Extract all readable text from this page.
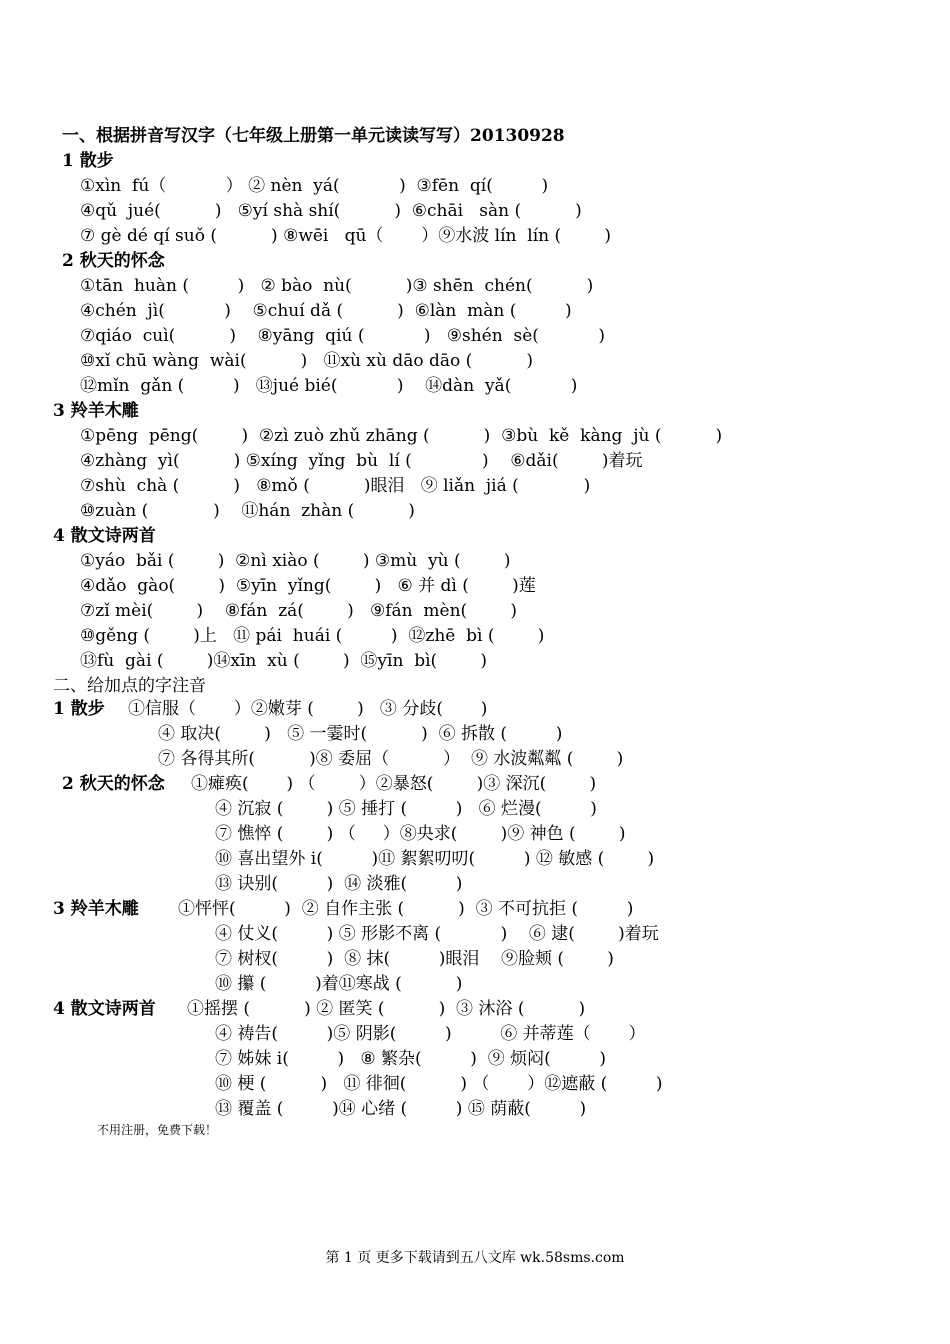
一、根据拼音写汉字（七年级上册第一单元读读写写）20130928
1 散步
①xìn  fú（           ） ② nèn  yá(           )  ③fēn  qí(         )
④qǔ  jué(          )   ⑤yí shà shí(          )  ⑥chāi   sàn (          )
⑦ gè dé qí suǒ (          ) ⑧wēi   qū（       ）⑨水波 lín  lín (        )
2 秋天的怀念
①tān  huàn (         )   ② bào  nù(          )③ shēn  chén(          )
④chén  jì(           )    ⑤chuí dǎ (          )  ⑥làn  màn (         )
⑦qiáo  cuì(          )    ⑧yāng  qiú (           )   ⑨shén  sè(           )
⑩xǐ chū wàng  wài(          )   ⑪xù xù dāo dāo (          )
⑫mǐn  gǎn (         )   ⑬jué bié(           )    ⑭dàn  yǎ(           )
3 羚羊木雕
①pēng  pēng(        )  ②zì zuò zhǔ zhāng (          )  ③bù  kě  kàng  jù (          )
④zhàng  yì(          ) ⑤xíng  yǐng  bù  lí (             )    ⑥dǎi(        )着玩
⑦shù  chà (          )   ⑧mǒ (          )眼泪   ⑨ liǎn  jiá (            )
⑩zuàn (            )    ⑪hán  zhàn (          )
4 散文诗两首
①yáo  bǎi (        )  ②nì xiào (        ) ③mù  yù (        )
④dǎo  gào(        )  ⑤yīn  yǐng(        )   ⑥ 并 dì (        )莲
⑦zǐ mèi(        )    ⑧fán  zá(        )   ⑨fán  mèn(        )
⑩gěng (        )上   ⑪ pái  huái (         )  ⑫zhē  bì (        )
⑬fù  gài (        )⑭xīn  xù (        )  ⑮yīn  bì(        )
二、给加点的字注音
1 散步 ①信服（       ）②嫩芽 (        )   ③ 分歧(       )
④ 取决(        )   ⑤ 一霎时(          )  ⑥ 拆散 (         )
⑦ 各得其所(          )⑧ 委屈（          ）  ⑨ 水波粼粼 (        )
2 秋天的怀念 ①瘫痪(       ) （        ）②暴怒(        )③ 深沉(        )
④ 沉寂 (        ) ⑤ 捶打 (         )   ⑥ 烂漫(         )
⑦ 憔悴 (        ) （     ）⑧央求(        )⑨ 神色 (        )
⑩ 喜出望外 i(         )⑪ 絮絮叨叨(         ) ⑫ 敏感 (        )
⑬ 诀别(         )  ⑭ 淡雅(         )
3 羚羊木雕 ①怦怦(         )  ② 自作主张 (          )  ③ 不可抗拒 (         )
④ 仗义(         ) ⑤ 形影不离 (           )    ⑥ 逮(        )着玩
⑦ 树杈(         )  ⑧ 抹(         )眼泪    ⑨脸颊 (        )
⑩ 攥 (         )着⑪寒战 (          )
4 散文诗两首 ①摇摆 (          ) ② 匿笑 (          )  ③ 沐浴 (          )
④ 祷告(         )⑤ 阴影(         )         ⑥ 并蒂莲（       ）
⑦ 姊妹 i(         )   ⑧ 繁杂(         )  ⑨ 烦闷(         )
⑩ 梗 (          )   ⑪ 徘徊(          ) （       ）⑫遮蔽 (         )
⑬ 覆盖 (         )⑭ 心绪 (         ) ⑮ 荫蔽(         )
不用注册，免费下载！
第 1 页 更多下载请到五八文库 wk.58sms.com
